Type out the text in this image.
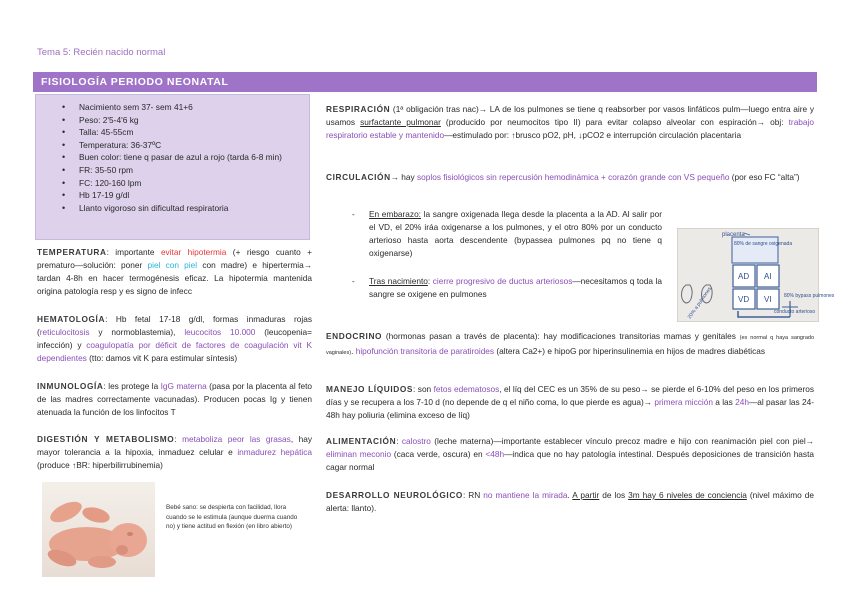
Tema 5: Recién nacido normal
FISIOLOGÍA PERIODO NEONATAL
• Nacimiento sem 37- sem 41+6
• Peso: 2'5-4'6 kg
• Talla: 45-55cm
• Temperatura: 36-37ºC
• Buen color: tiene q pasar de azul a rojo (tarda 6-8 min)
• FR: 35-50 rpm
• FC: 120-160 lpm
• Hb 17-19 g/dl
• Llanto vigoroso sin dificultad respiratoria
TEMPERATURA: importante evitar hipotermia (+ riesgo cuanto + prematuro—solución: poner piel con piel con madre) e hipertermia→ tardan 4-8h en hacer termogénesis eficaz. La hipotermia mantenida origina patología resp y es signo de infecc
HEMATOLOGÍA: Hb fetal 17-18 g/dl, formas inmaduras rojas (reticulocitosis y normoblastemia), leucocitos 10.000 (leucopenia= infección) y coagulopatía por déficit de factores de coagulación vit K dependientes (tto: damos vit K para estimular síntesis)
INMUNOLOGÍA: les protege la IgG materna (pasa por la placenta al feto de las madres correctamente vacunadas). Producen pocas Ig y tienen atenuada la función de los linfocitos T
DIGESTIÓN Y METABOLISMO: metaboliza peor las grasas, hay mayor tolerancia a la hipoxia, inmaduez celular e inmadurez hepática (produce ↑BR: hiperbilirrubinemia)
Bebé sano: se despierta con facilidad, llora cuando se le estimula (aunque duerma cuando no) y tiene actitud en flexión (en libro abierto)
RESPIRACIÓN (1ª obligación tras nac)→ LA de los pulmones se tiene q reabsorber por vasos linfáticos pulm—luego entra aire y usamos surfactante pulmonar (producido por neumocitos tipo II) para evitar colapso alveolar con espiración→ obj: trabajo respiratorio estable y mantenido—estimulado por: ↑brusco pO2, pH, ↓pCO2 e interrupción circulación placentaria
CIRCULACIÓN→ hay soplos fisiológicos sin repercusión hemodinámica + corazón grande con VS pequeño (por eso FC “alta”)
- En embarazo: la sangre oxigenada llega desde la placenta a la AD. Al salir por el VD, el 20% iráa oxigenarse a los pulmones, y el otro 80% por un conducto arterioso hasta aorta descendente (bypassea pulmones pq no tiene q oxigenarse)
- Tras nacimiento: cierre progresivo de ductus arteriosos—necesitamos q toda la sangre se oxigene en pulmones
placenta
80% de sangre oxigenada
AD AI
VD VI
20% a pulmones	80% bypass pulmones
conducto arterioso
ENDOCRINO (hormonas pasan a través de placenta): hay modificaciones transitorias mamas y genitales (es normal q haya sangrado vaginales). hipofunción transitoria de paratiroides (altera Ca2+) e hipoG por hiperinsulinemia en hijos de madres diabéticas
MANEJO LÍQUIDOS: son fetos edematosos, el líq del CEC es un 35% de su peso→ se pierde el 6-10% del peso en los primeros días y se recupera a los 7-10 d (no depende de q el niño coma, lo que pierde es agua)→ primera micción a las 24h—al pasar las 24-48h hay poliuria (elimina exceso de líq)
ALIMENTACIÓN: calostro (leche materna)—importante establecer vínculo precoz madre e hijo con reanimación piel con piel→ eliminan meconio (caca verde, oscura) en <48h—indica que no hay patología intestinal. Después deposiciones de transición hasta cagar normal
DESARROLLO NEUROLÓGICO: RN no mantiene la mirada. A partir de los 3m hay 6 niveles de conciencia (nivel máximo de alerta: llanto).
